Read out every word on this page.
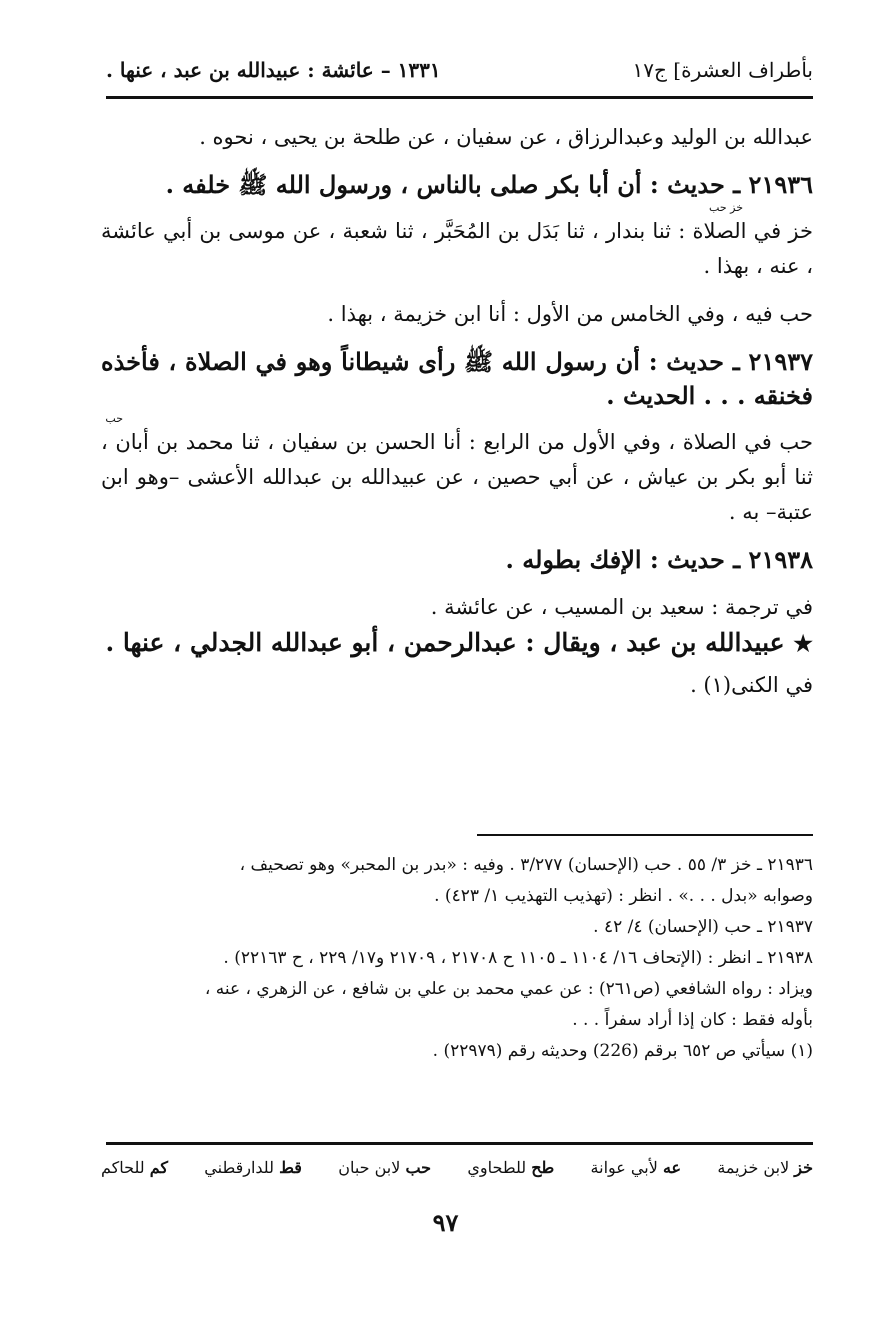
بأطراف العشرة] ج١٧
١٣٣١ – عائشة : عبيدالله بن عبد ، عنها .

عبدالله بن الوليد وعبدالرزاق ، عن سفيان ، عن طلحة بن يحيى ، نحوه .

٢١٩٣٦ ـ حديث : أن أبا بكر صلى بالناس ، ورسول الله ﷺ خلفه .

خز حب

خز في الصلاة : ثنا بندار ، ثنا بَدَل بن المُحَبَّر ، ثنا شعبة ، عن موسى بن أبي عائشة ، عنه ، بهذا .

حب فيه ، وفي الخامس من الأول : أنا ابن خزيمة ، بهذا .

٢١٩٣٧ ـ حديث : أن رسول الله ﷺ رأى شيطاناً وهو في الصلاة ، فأخذه فخنقه . . . الحديث .

حب

حب في الصلاة ، وفي الأول من الرابع : أنا الحسن بن سفيان ، ثنا محمد بن أبان ، ثنا أبو بكر بن عياش ، عن أبي حصين ، عن عبيدالله بن عبدالله الأعشى –وهو ابن عتبة– به .

٢١٩٣٨ ـ حديث : الإفك بطوله .

في ترجمة : سعيد بن المسيب ، عن عائشة .

★ عبيدالله بن عبد ، ويقال : عبدالرحمن ، أبو عبدالله الجدلي ، عنها .

في الكنى(١) .

٢١٩٣٦ ـ خز ٣/ ٥٥ . حب (الإحسان) ٣/٢٧٧ . وفيه : «بدر بن المحبر» وهو تصحيف ،

وصوابه «بدل . . .» . انظر : (تهذيب التهذيب ١/ ٤٢٣) .

٢١٩٣٧ ـ حب (الإحسان) ٤/ ٤٢ .

٢١٩٣٨ ـ انظر : (الإتحاف ١٦/ ١١٠٤ ـ ١١٠٥ ح ٢١٧٠٨ ، ٢١٧٠٩ و١٧/ ٢٢٩ ، ح ٢٢١٦٣) .

ويزاد : رواه الشافعي (ص٢٦١) : عن عمي محمد بن علي بن شافع ، عن الزهري ، عنه ،

بأوله فقط : كان إذا أراد سفراً . . .

(١) سيأتي ص ٦٥٢ برقم (226) وحديثه رقم (٢٢٩٧٩) .

خز لابن خزيمة
عه لأبي عوانة
طح للطحاوي
حب لابن حبان
قط للدارقطني
كم للحاكم
٩٧
